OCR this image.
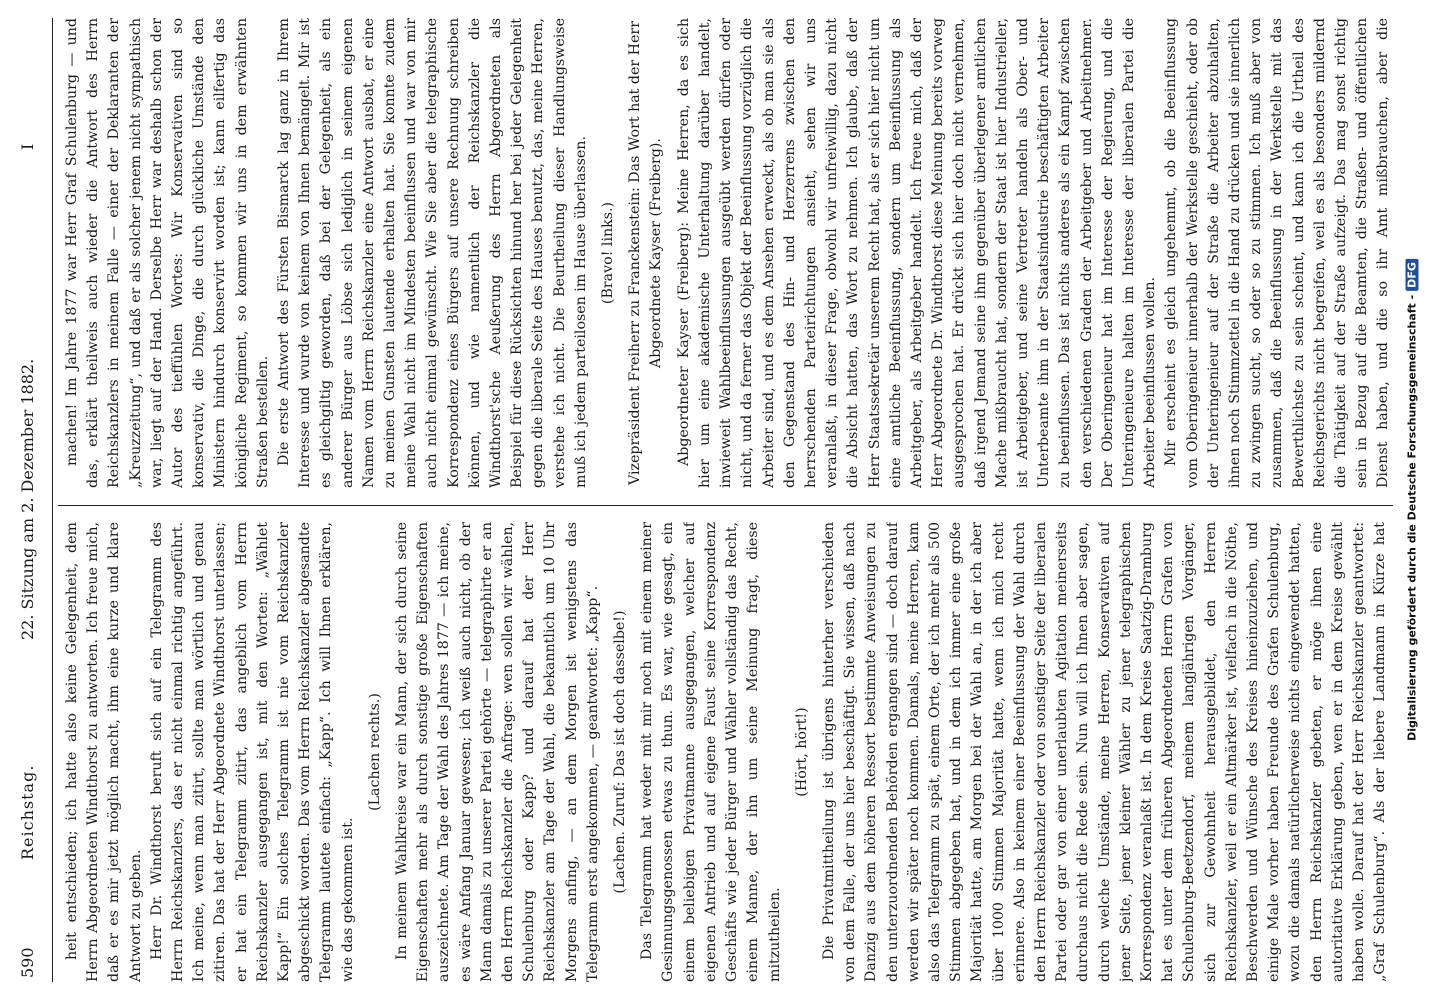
590
Reichstag.
22. Sitzung am 2. Dezember 1882.
I

heit entschieden; ich hatte also keine Gelegenheit, dem Herrn Abgeordneten Windthorst zu antworten. Ich freue mich, daß er es mir jetzt möglich macht, ihm eine kurze und klare Antwort zu geben. Herr Dr. Windthorst beruft sich auf ein Telegramm des Herrn Reichskanzlers, das er nicht einmal richtig angeführt. Ich meine, wenn man zitirt, sollte man wörtlich und genau zitiren. Das hat der Herr Abgeordnete Windthorst unterlassen; er hat ein Telegramm zitirt, das angeblich vom Herrn Reichskanzler ausgegangen ist, mit den Worten: „Wählet Kapp!“ Ein solches Telegramm ist nie vom Reichskanzler abgeschickt worden. Das vom Herrn Reichskanzler abgesandte Telegramm lautete einfach: „Kapp“. Ich will Ihnen erklären, wie das gekommen ist.

(Lachen rechts.) In meinem Wahlkreise war ein Mann, der sich durch seine Eigenschaften mehr als durch sonstige große Eigenschaften auszeichnete. Am Tage der Wahl des Jahres 1877 — ich meine, es wäre Anfang Januar gewesen; ich weiß auch nicht, ob der Mann damals zu unserer Partei gehörte — telegraphirte er an den Herrn Reichskanzler die Anfrage: wen sollen wir wählen, Schulenburg oder Kapp? und darauf hat der Herr Reichskanzler am Tage der Wahl, die bekanntlich um 10 Uhr Morgens anfing, — an dem Morgen ist wenigstens das Telegramm erst angekommen, — geantwortet: „Kapp“. (Lachen. Zuruf: Das ist doch dasselbe!) Das Telegramm hat weder mit mir noch mit einem meiner Gesinnungsgenossen etwas zu thun. Es war, wie gesagt, ein einem beliebigen Privatmanne ausgegangen, welcher auf eigenen Antrieb und auf eigene Faust seine Korrespondenz Geschäfts wie jeder Bürger und Wähler vollständig das Recht, einem Manne, der ihn um seine Meinung fragt, diese mitzutheilen.

(Hört, hört!)

Die Privatmittheilung ist übrigens hinterher verschieden von dem Falle, der uns hier beschäftigt. Sie wissen, daß nach Danzig aus dem höheren Ressort bestimmte Anweisungen zu den unterzuordnenden Behörden ergangen sind — doch darauf werden wir später noch kommen. Damals, meine Herren, kam also das Telegramm zu spät, einem Orte, der ich mehr als 500 Stimmen abgegeben hat, und in dem ich immer eine große Majorität hatte, am Morgen bei der Wahl an, in der ich aber über 1000 Stimmen Majorität hatte, wenn ich mich recht erinnere. Also in keinem einer Beeinflussung der Wahl durch den Herrn Reichskanzler oder von sonstiger Seite der liberalen Partei oder gar von einer unerlaubten Agitation meinerseits durchaus nicht die Rede sein. Nun will ich Ihnen aber sagen, durch welche Umstände, meine Herren, Konservativen auf jener Seite, jener kleiner Wähler zu jener telegraphischen Korrespondenz veranlaßt ist. In dem Kreise Saatzig-Dramburg hat es unter dem früheren Abgeordneten Herrn Grafen von Schulenburg-Beetzendorf, meinem langjährigen Vorgänger, sich zur Gewohnheit herausgebildet, den Herren Reichskanzler, weil er ein Altmärker ist, vielfach in die Nöthe, Beschwerden und Wünsche des Kreises hineinzuziehen, und einige Male vorher haben Freunde des Grafen Schulenburg, wozu die damals natürlicherweise nichts eingewendet hatten, den Herrn Reichskanzler gebeten, er möge ihnen eine autoritative Erklärung geben, wen er in dem Kreise gewählt haben wolle. Darauf hat der Herr Reichskanzler geantwortet: „Graf Schulenburg“. Als der liebere Landmann in Kürze hat

machen! Im Jahre 1877 war Herr Graf Schulenburg — und das, erklärt theilweis auch wieder die Antwort des Herrn Reichskanzlers in meinem Falle — einer der Deklaranten der „Kreuzzeitung“, und daß er als solcher jenem nicht sympathisch war, liegt auf der Hand. Derselbe Herr war deshalb schon der Autor des tieffühlen Wortes: Wir Konservativen sind so konservativ, die Dinge, die durch glückliche Umstände den Ministern hindurch konservirt worden ist; kann eilfertig das königliche Regiment, so kommen wir uns in dem erwähnten Straßen bestellen. Die erste Antwort des Fürsten Bismarck lag ganz in Ihrem Interesse und wurde von keinem von Ihnen bemängelt. Mir ist es gleichgiltig geworden, daß bei der Gelegenheit, als ein anderer Bürger aus Löbse sich lediglich in seinem eigenen Namen vom Herrn Reichskanzler eine Antwort ausbat, er eine zu meinen Gunsten lautende erhalten hat. Sie konnte zudem meine Wahl nicht im Mindesten beeinflussen und war von mir auch nicht einmal gewünscht. Wie Sie aber die telegraphische Korrespondenz eines Bürgers auf unsere Rechnung schreiben können, und wie namentlich der Reichskanzler die Windthorst'sche Aeußerung des Herrn Abgeordneten als Beispiel für diese Rücksichten hinund her bei jeder Gelegenheit gegen die liberale Seite des Hauses benutzt, das, meine Herren, verstehe ich nicht. Die Beurtheilung dieser Handlungsweise muß ich jedem parteilosen im Hause überlassen. (Bravo! links.) Vizepräsident Freiherr zu Franckenstein: Das Wort hat der Herr Abgeordnete Kayser (Freiberg). Abgeordneter Kayser (Freiberg): Meine Herren, da es sich hier um eine akademische Unterhaltung darüber handelt, inwieweit Wahlbeeinflussungen ausgeübt werden dürfen oder nicht, und da ferner das Objekt der Beeinflussung vorzüglich die Arbeiter sind, und es dem Ansehen erweckt, als ob man sie als den Gegenstand des Hin- und Herzerrens zwischen den herrschenden Parteirichtungen ansieht, sehen wir uns veranlaßt, in dieser Frage, obwohl wir unfreiwillig, dazu nicht die Absicht hatten, das Wort zu nehmen. Ich glaube, daß der Herr Staatssekretär unserem Recht hat, als er sich hier nicht um eine amtliche Beeinflussung, sondern um Beeinflussung als Arbeitgeber, als Arbeitgeber handelt. Ich freue mich, daß der Herr Abgeordnete Dr. Windthorst diese Meinung bereits vorweg ausgesprochen hat. Er drückt sich hier doch nicht vernehmen, daß irgend Jemand seine ihm gegenüber überlegener amtlichen Mache mißbraucht hat, sondern der Staat ist hier Industrieller, ist Arbeitgeber, und seine Vertreter handeln als Ober- und Unterbeamte ihm in der Staatsindustrie beschäftigten Arbeiter zu beeinflussen. Das ist nichts anderes als ein Kampf zwischen den verschiedenen Graden der Arbeitgeber und Arbeitnehmer. Der Oberingenieur hat im Interesse der Regierung, und die Unteringenieure halten im Interesse der liberalen Partei die Arbeiter beeinflussen wollen. Mir erscheint es gleich ungehemmt, ob die Beeinflussung vom Oberingenieur innerhalb der Werkstelle geschieht, oder ob der Unteringenieur auf der Straße die Arbeiter abzuhalten, ihnen noch Stimmzettel in die Hand zu drücken und sie innerlich zu zwingen sucht, so oder so zu stimmen. Ich muß aber von zusammen, daß die Beeinflussung in der Werkstelle mit das Bewerthlichste zu sein scheint, und kann ich die Urtheil des Reichsgerichts nicht begreifen, weil es als besonders mildernd die Thätigkeit auf der Straße aufzeigt. Das mag sonst richtig sein in Bezug auf die Beamten, die Straßen- und öffentlichen Dienst haben, und die so ihr Amt mißbrauchen, aber die

Digitalisierung gefördert durch die Deutsche Forschungsgemeinschaft -DFG
